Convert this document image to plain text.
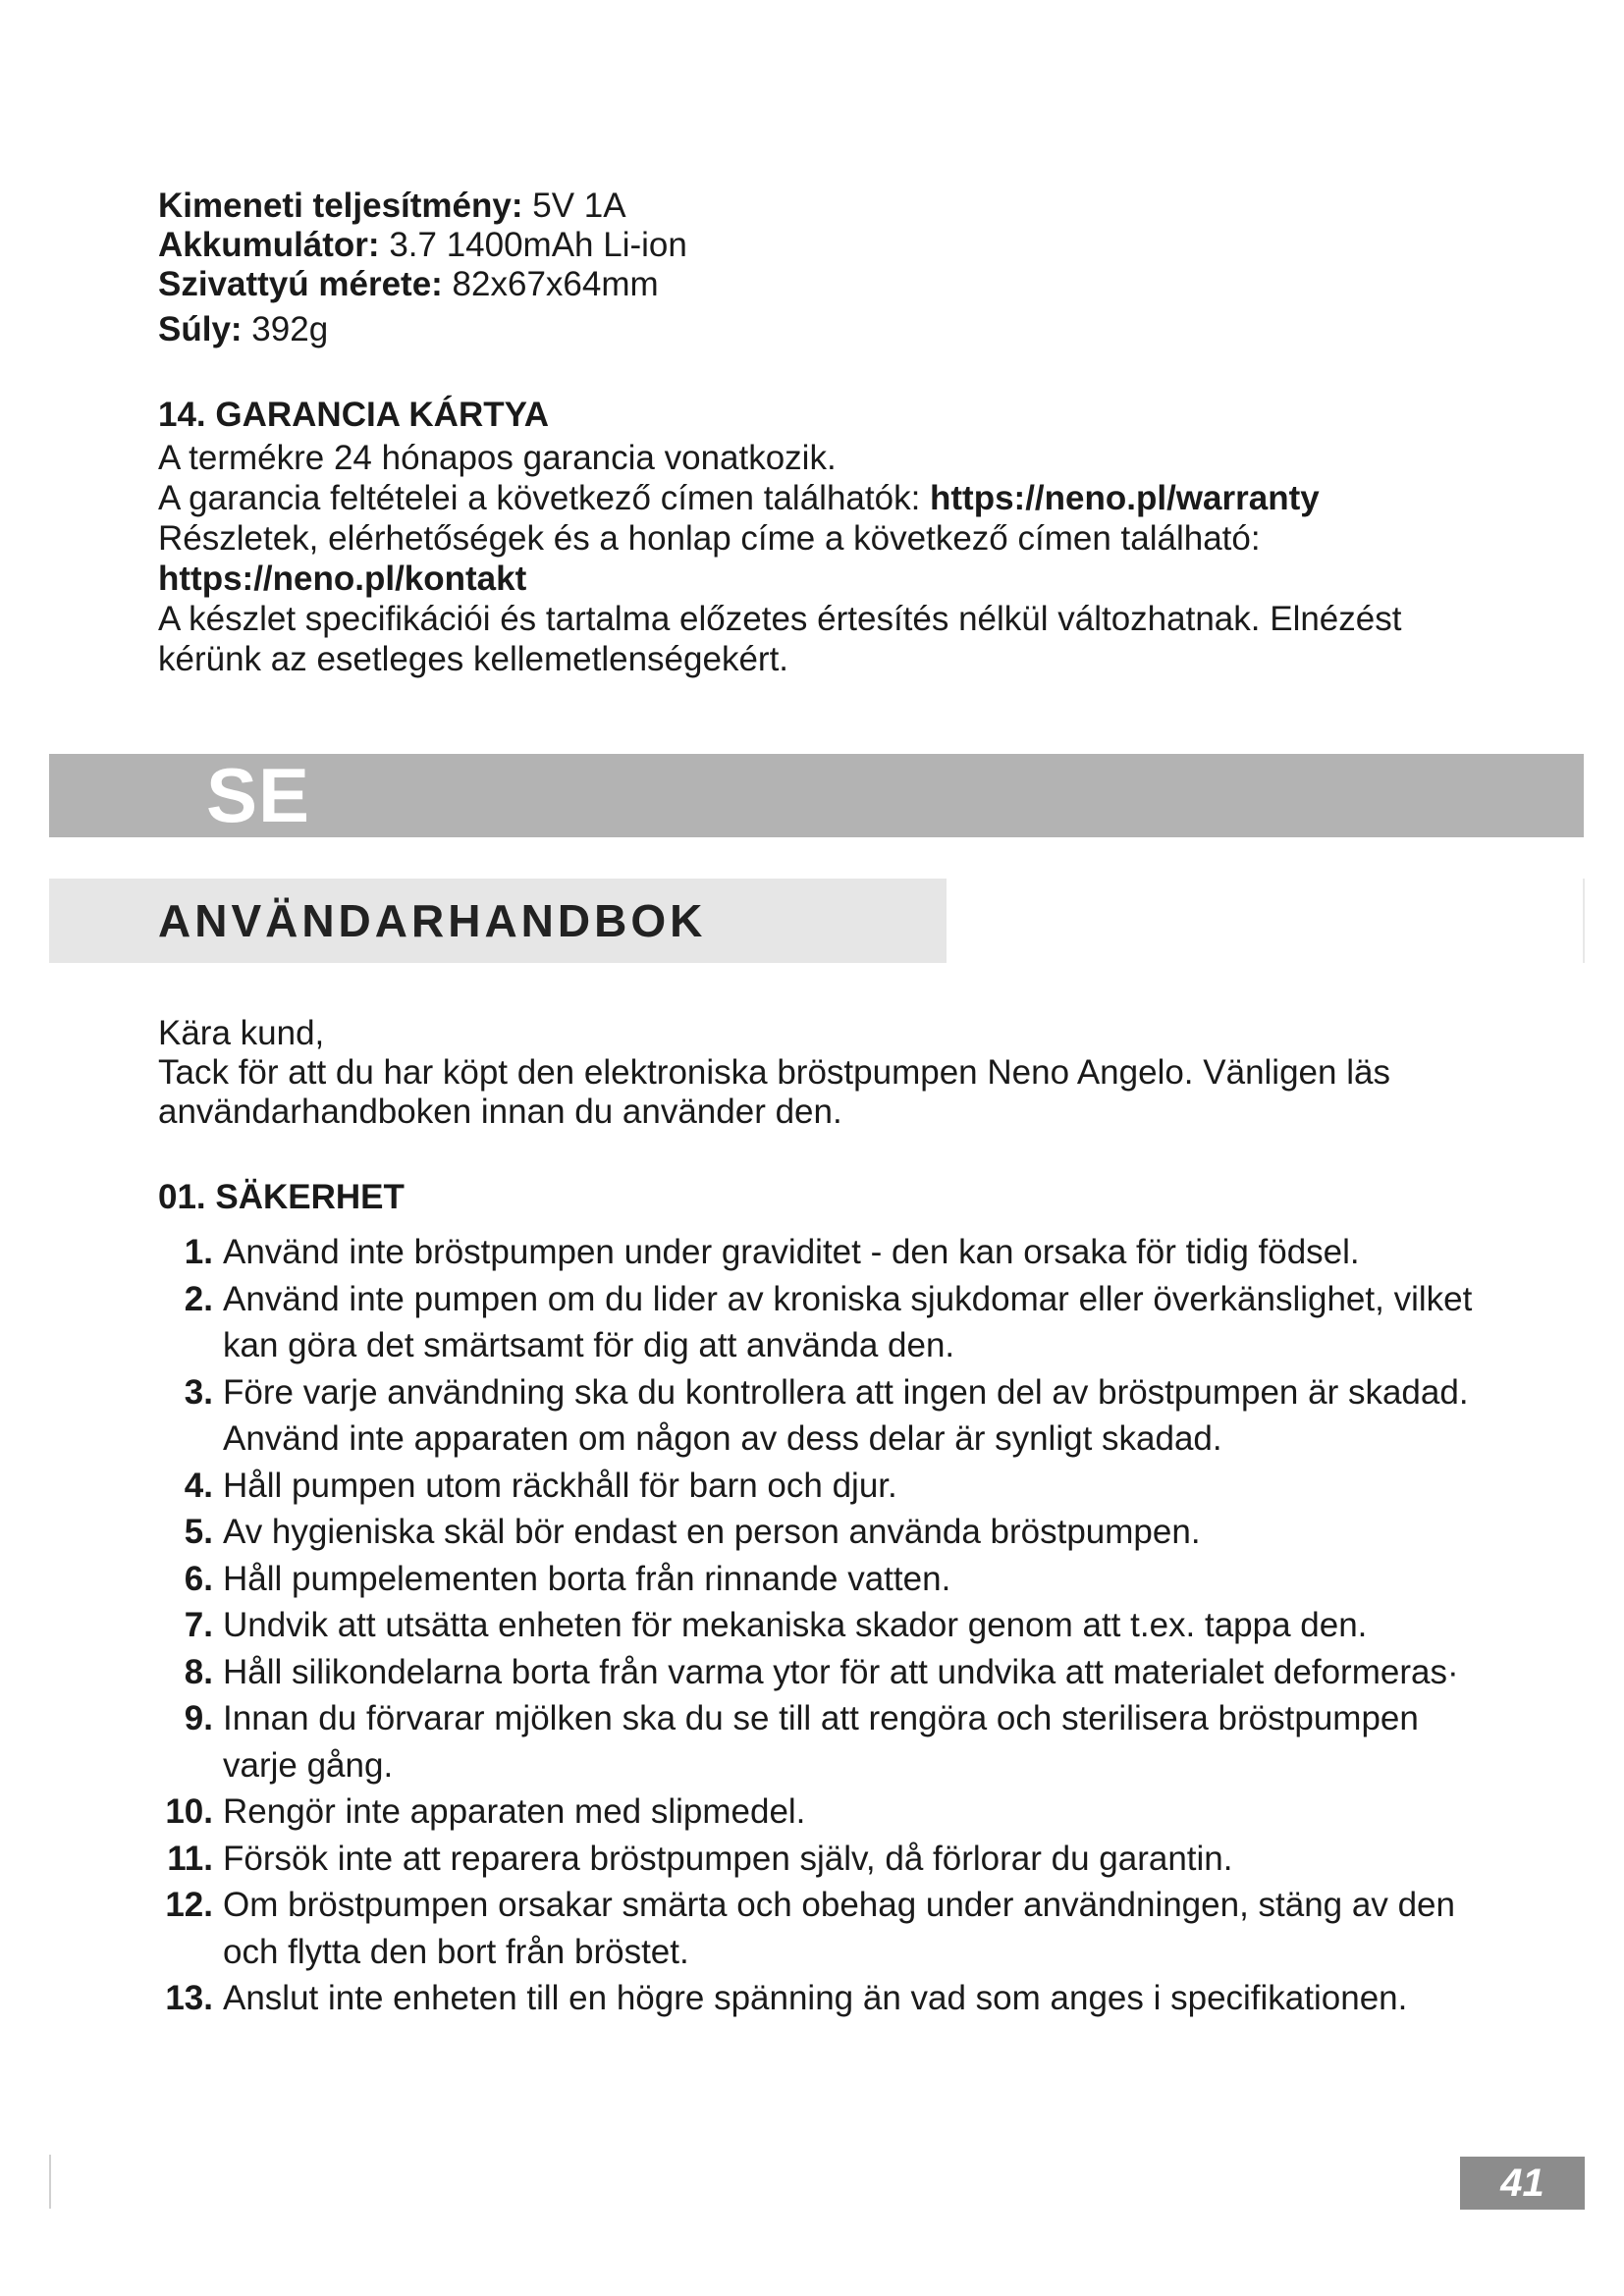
Kimeneti teljesítmény: 5V 1A
Akkumulátor: 3.7 1400mAh Li-ion
Szivattyú mérete: 82x67x64mm
Súly: 392g
14. GARANCIA KÁRTYA
A termékre 24 hónapos garancia vonatkozik.
A garancia feltételei a következő címen találhatók: https://neno.pl/warranty
Részletek, elérhetőségek és a honlap címe a következő címen található:
https://neno.pl/kontakt
A készlet specifikációi és tartalma előzetes értesítés nélkül változhatnak. Elnézést kérünk az esetleges kellemetlenségekért.
SE
ANVÄNDARHANDBOK
Kära kund,
Tack för att du har köpt den elektroniska bröstpumpen Neno Angelo. Vänligen läs användarhandboken innan du använder den.
01. SÄKERHET
1. Använd inte bröstpumpen under graviditet - den kan orsaka för tidig födsel.
2. Använd inte pumpen om du lider av kroniska sjukdomar eller överkänslighet, vilket kan göra det smärtsamt för dig att använda den.
3. Före varje användning ska du kontrollera att ingen del av bröstpumpen är skadad. Använd inte apparaten om någon av dess delar är synligt skadad.
4. Håll pumpen utom räckhåll för barn och djur.
5. Av hygieniska skäl bör endast en person använda bröstpumpen.
6. Håll pumpelementen borta från rinnande vatten.
7. Undvik att utsätta enheten för mekaniska skador genom att t.ex. tappa den.
8. Håll silikondelarna borta från varma ytor för att undvika att materialet deformeras·
9. Innan du förvarar mjölken ska du se till att rengöra och sterilisera bröstpumpen varje gång.
10. Rengör inte apparaten med slipmedel.
11. Försök inte att reparera bröstpumpen själv, då förlorar du garantin.
12. Om bröstpumpen orsakar smärta och obehag under användningen, stäng av den och flytta den bort från bröstet.
13. Anslut inte enheten till en högre spänning än vad som anges i specifikationen.
41
